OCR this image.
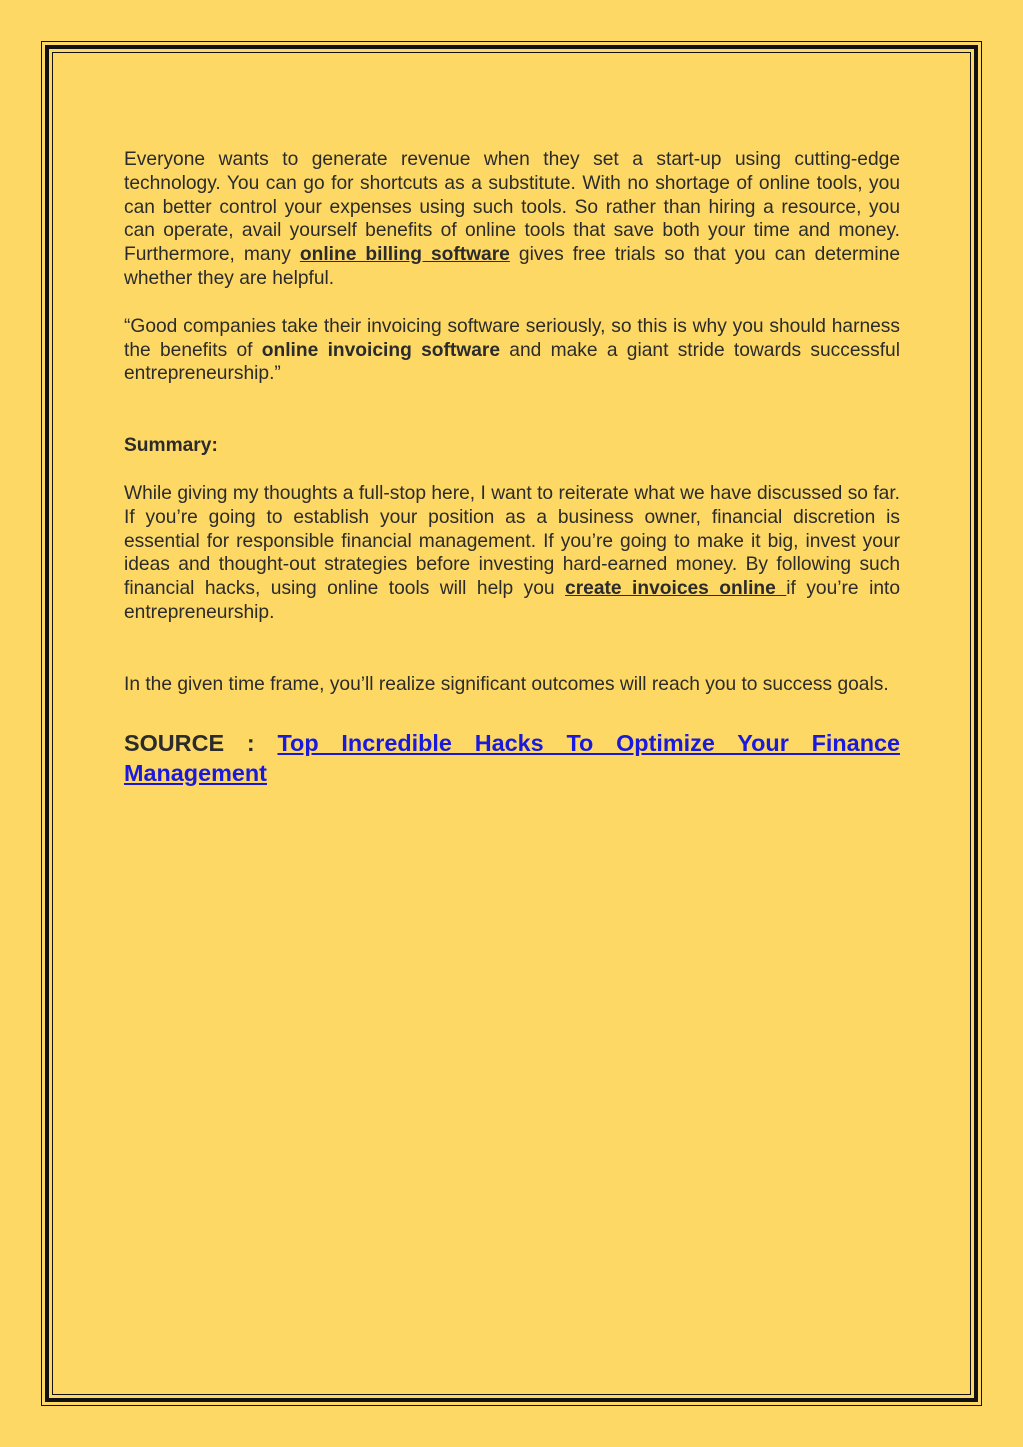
Everyone wants to generate revenue when they set a start-up using cutting-edge technology. You can go for shortcuts as a substitute. With no shortage of online tools, you can better control your expenses using such tools. So rather than hiring a resource, you can operate, avail yourself benefits of online tools that save both your time and money. Furthermore, many online billing software gives free trials so that you can determine whether they are helpful.

“Good companies take their invoicing software seriously, so this is why you should harness the benefits of online invoicing software and make a giant stride towards successful entrepreneurship.”

Summary:

While giving my thoughts a full-stop here, I want to reiterate what we have discussed so far. If you’re going to establish your position as a business owner, financial discretion is essential for responsible financial management. If you’re going to make it big, invest your ideas and thought-out strategies before investing hard-earned money. By following such financial hacks, using online tools will help you create invoices online if you’re into entrepreneurship.

In the given time frame, you’ll realize significant outcomes will reach you to success goals.

SOURCE : Top Incredible Hacks To Optimize Your Finance Management
